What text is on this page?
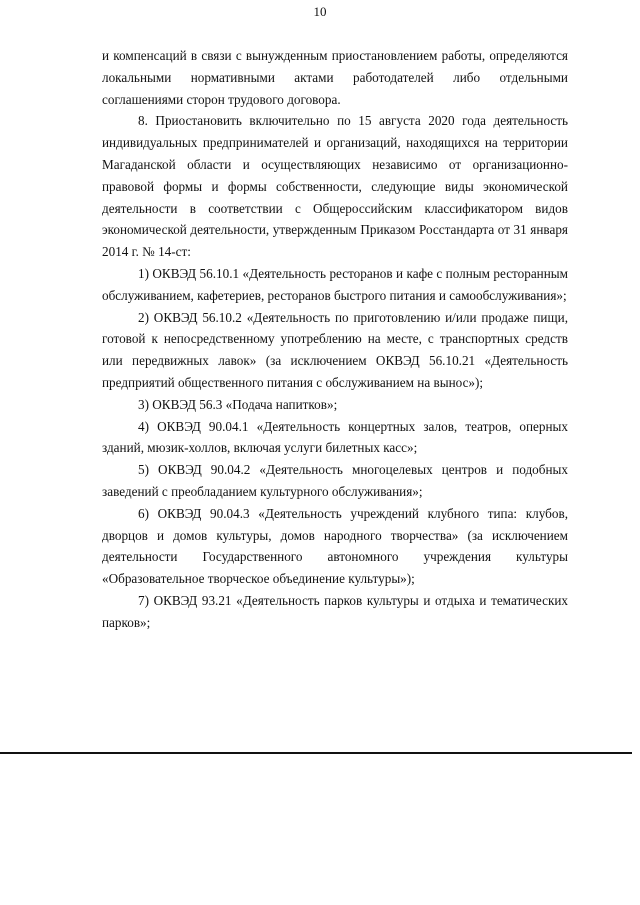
10

и компенсаций в связи с вынужденным приостановлением работы, определяются локальными нормативными актами работодателей либо отдельными соглашениями сторон трудового договора.

8. Приостановить включительно по 15 августа 2020 года деятельность индивидуальных предпринимателей и организаций, находящихся на территории Магаданской области и осуществляющих независимо от организационно-правовой формы и формы собственности, следующие виды экономической деятельности в соответствии с Общероссийским классификатором видов экономической деятельности, утвержденным Приказом Росстандарта от 31 января 2014 г. № 14-ст:

1) ОКВЭД 56.10.1 «Деятельность ресторанов и кафе с полным ресторанным обслуживанием, кафетериев, ресторанов быстрого питания и самообслуживания»;

2) ОКВЭД 56.10.2 «Деятельность по приготовлению и/или продаже пищи, готовой к непосредственному употреблению на месте, с транспортных средств или передвижных лавок» (за исключением ОКВЭД 56.10.21 «Деятельность предприятий общественного питания с обслуживанием на вынос»);

3) ОКВЭД 56.3 «Подача напитков»;

4) ОКВЭД 90.04.1 «Деятельность концертных залов, театров, оперных зданий, мюзик-холлов, включая услуги билетных касс»;

5) ОКВЭД 90.04.2 «Деятельность многоцелевых центров и подобных заведений с преобладанием культурного обслуживания»;

6) ОКВЭД 90.04.3 «Деятельность учреждений клубного типа: клубов, дворцов и домов культуры, домов народного творчества» (за исключением деятельности Государственного автономного учреждения культуры «Образовательное творческое объединение культуры»);

7) ОКВЭД 93.21 «Деятельность парков культуры и отдыха и тематических парков»;
